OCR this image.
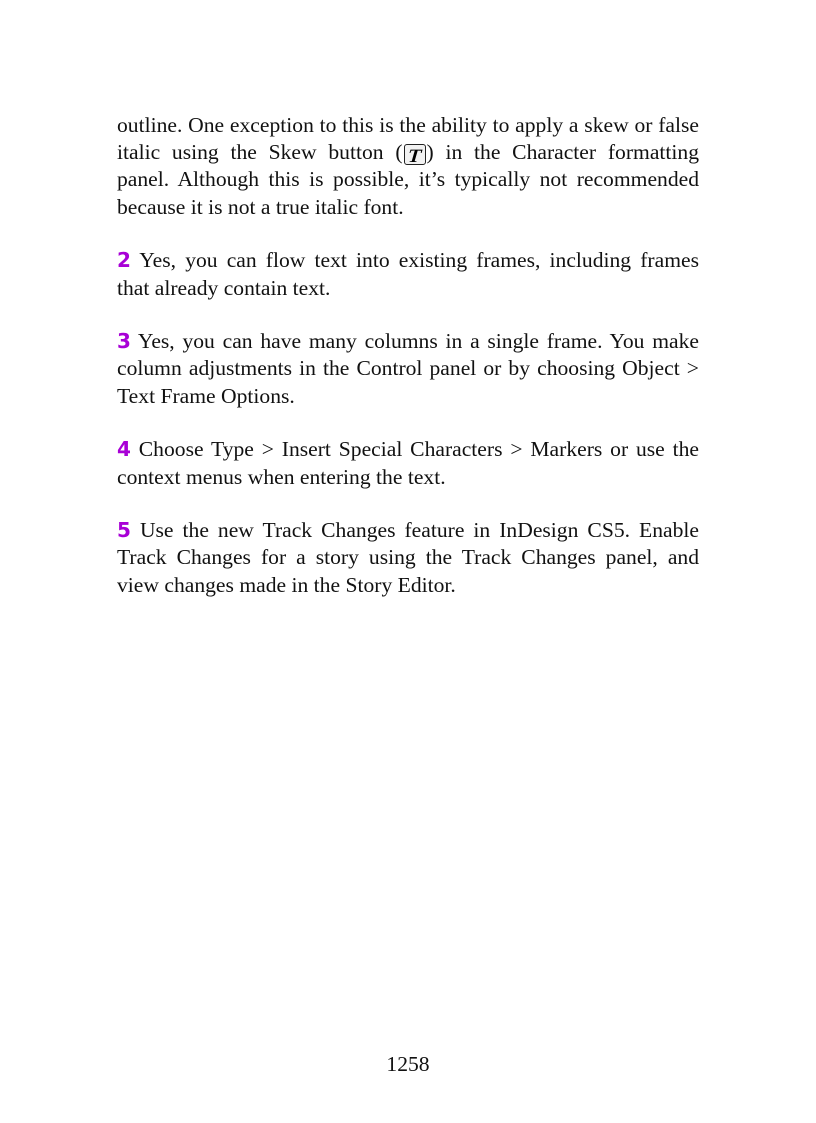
outline. One exception to this is the ability to apply a skew or false italic using the Skew button ( T ) in the Character formatting panel. Although this is possible, it’s typically not recommended because it is not a true italic font.

2 Yes, you can flow text into existing frames, including frames that already contain text.

3 Yes, you can have many columns in a single frame. You make column adjustments in the Control panel or by choosing Object > Text Frame Options.

4 Choose Type > Insert Special Characters > Markers or use the context menus when entering the text.

5 Use the new Track Changes feature in InDesign CS5. Enable Track Changes for a story using the Track Changes panel, and view changes made in the Story Editor.

1258
